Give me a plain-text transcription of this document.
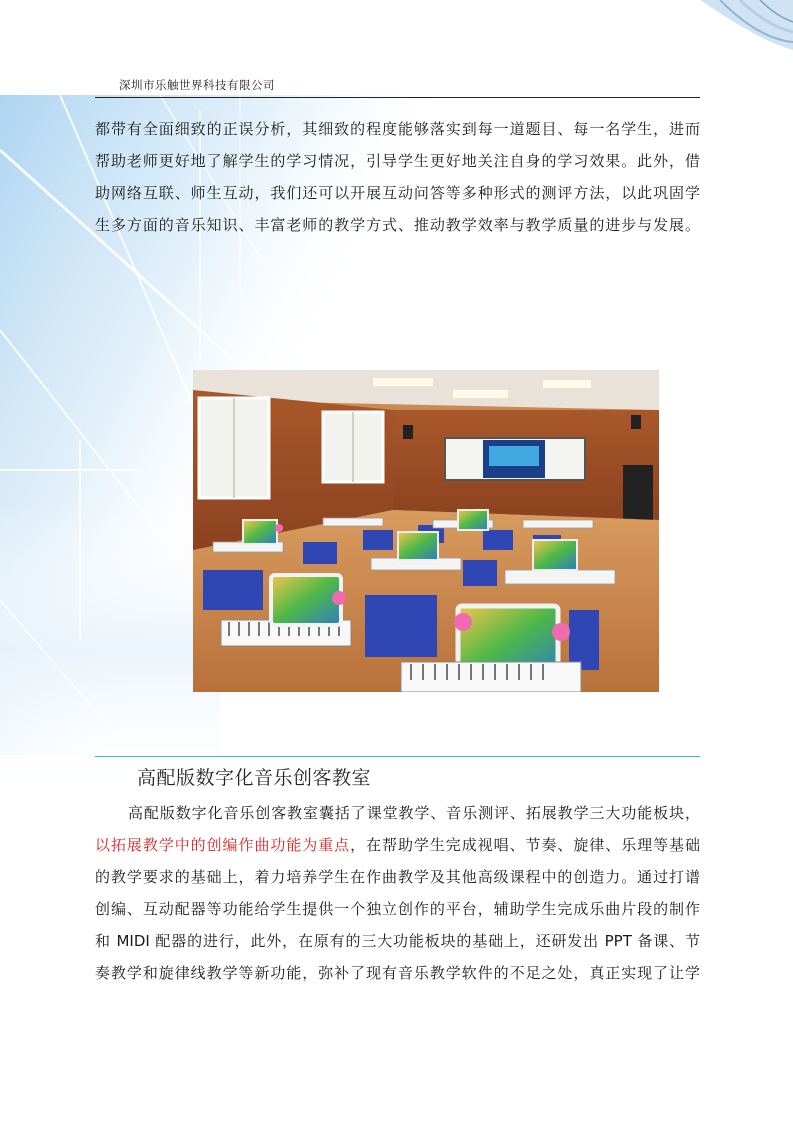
深圳市乐触世界科技有限公司
都带有全面细致的正误分析，其细致的程度能够落实到每一道题目、每一名学生，进而
帮助老师更好地了解学生的学习情况，引导学生更好地关注自身的学习效果。此外，借
助网络互联、师生互动，我们还可以开展互动问答等多种形式的测评方法，以此巩固学
生多方面的音乐知识、丰富老师的教学方式、推动教学效率与教学质量的进步与发展。
高配版数字化音乐创客教室
高配版数字化音乐创客教室囊括了课堂教学、音乐测评、拓展教学三大功能板块，
以拓展教学中的创编作曲功能为重点，在帮助学生完成视唱、节奏、旋律、乐理等基础
的教学要求的基础上，着力培养学生在作曲教学及其他高级课程中的创造力。通过打谱
创编、互动配器等功能给学生提供一个独立创作的平台，辅助学生完成乐曲片段的制作
和 MIDI 配器的进行，此外，在原有的三大功能板块的基础上，还研发出 PPT 备课、节
奏教学和旋律线教学等新功能，弥补了现有音乐教学软件的不足之处，真正实现了让学
